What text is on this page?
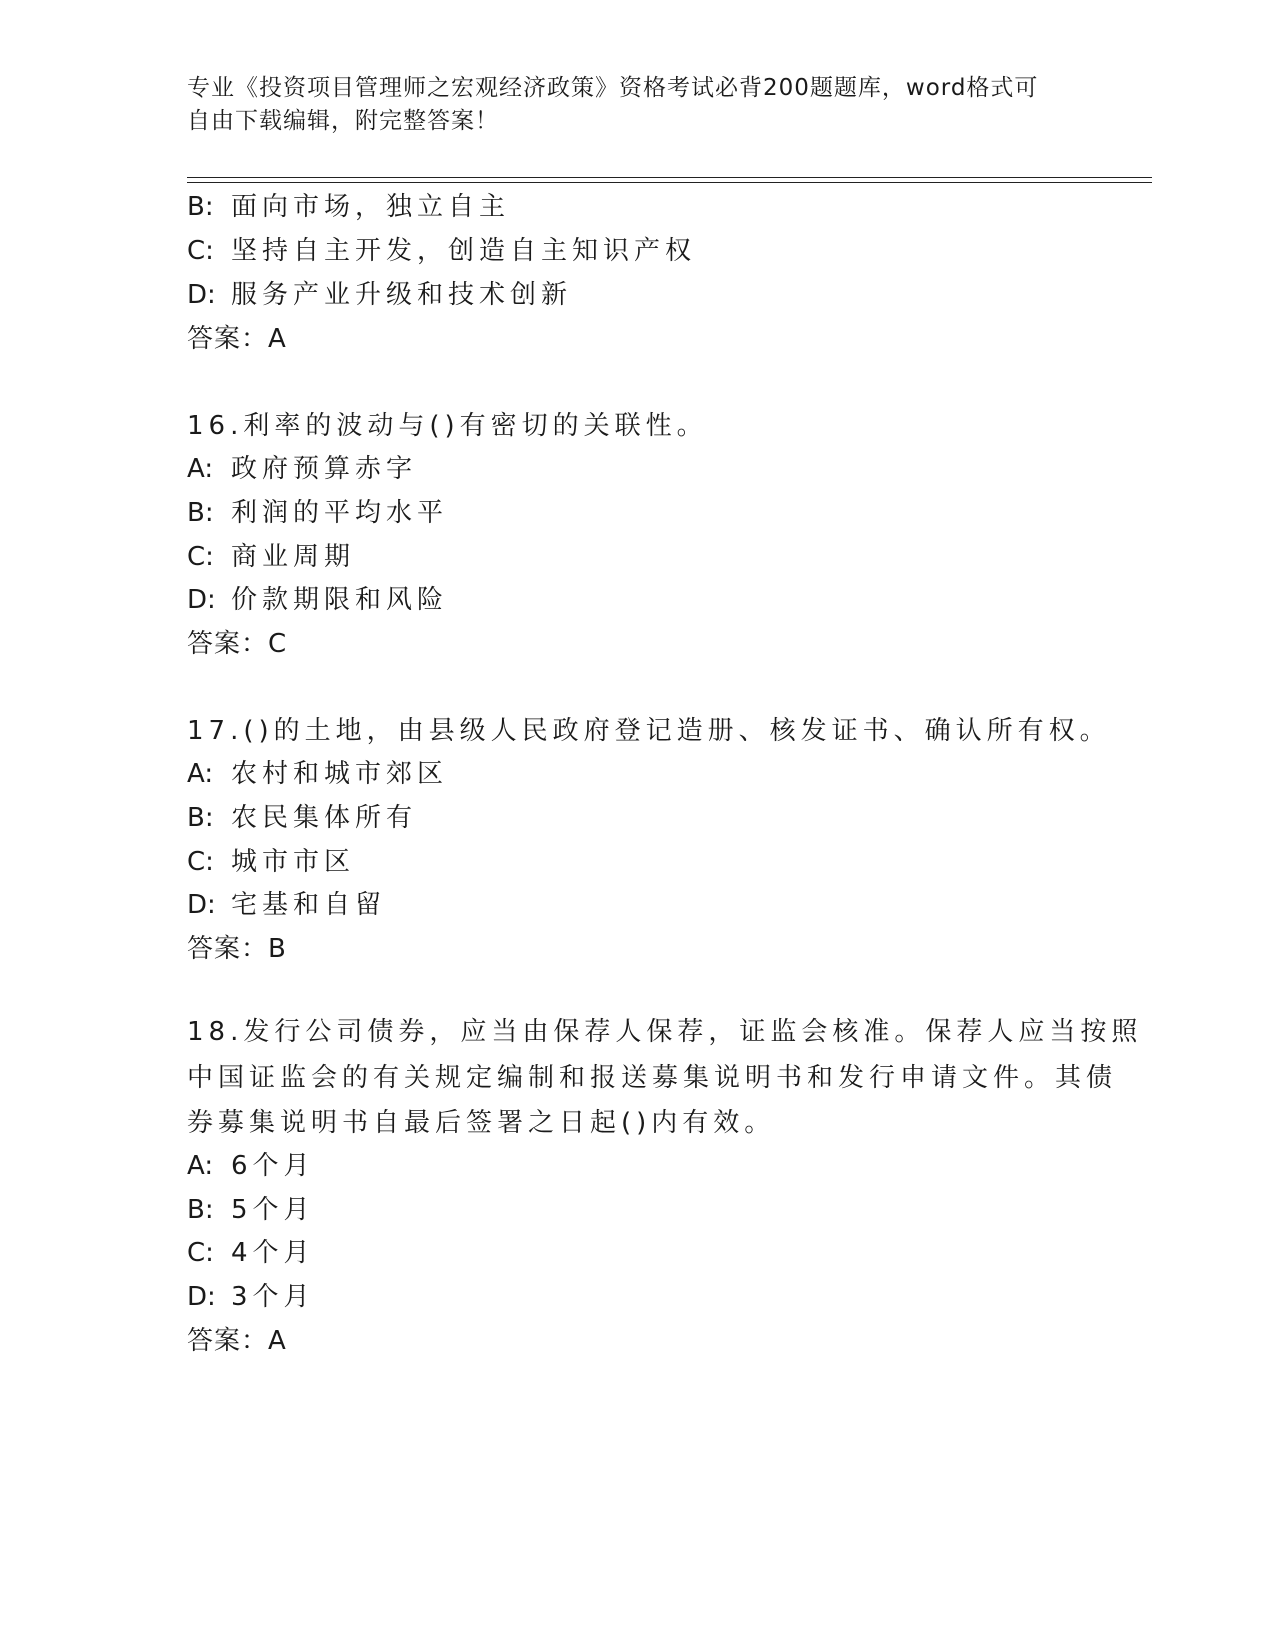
专业《投资项目管理师之宏观经济政策》资格考试必背200题题库，word格式可
自由下载编辑，附完整答案！
B: 面向市场，独立自主
C: 坚持自主开发，创造自主知识产权
D: 服务产业升级和技术创新
答案：A
16.利率的波动与()有密切的关联性。
A: 政府预算赤字
B: 利润的平均水平
C: 商业周期
D: 价款期限和风险
答案：C
17.()的土地，由县级人民政府登记造册、核发证书、确认所有权。
A: 农村和城市郊区
B: 农民集体所有
C: 城市市区
D: 宅基和自留
答案：B
18.发行公司债券，应当由保荐人保荐，证监会核准。保荐人应当按照
中国证监会的有关规定编制和报送募集说明书和发行申请文件。其债
券募集说明书自最后签署之日起()内有效。
A: 6个月
B: 5个月
C: 4个月
D: 3个月
答案：A
